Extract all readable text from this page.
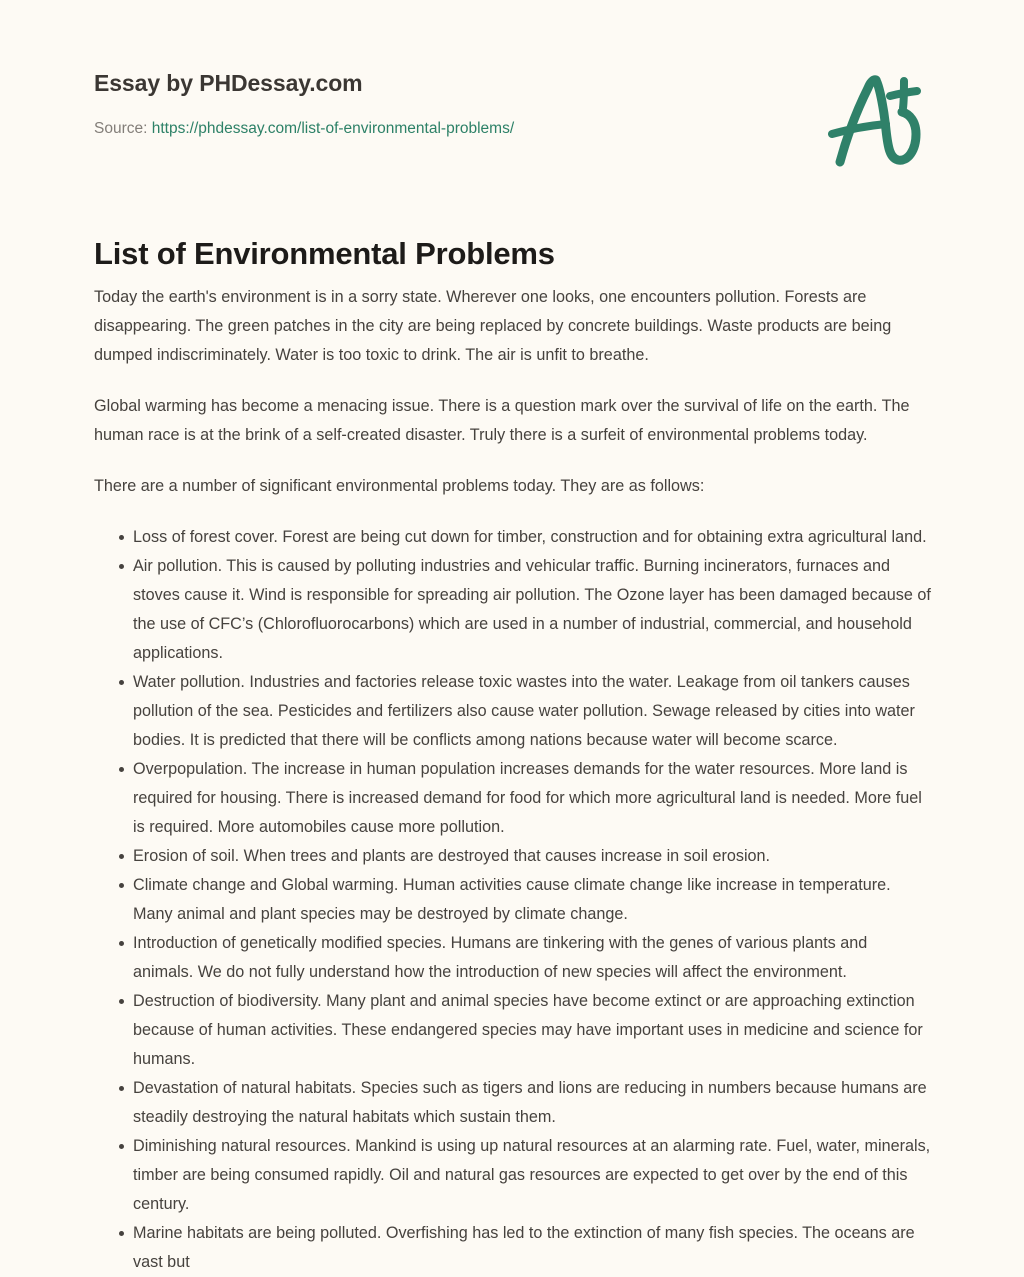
Essay by PHDessay.com
Source: https://phdessay.com/list-of-environmental-problems/
List of Environmental Problems

Today the earth's environment is in a sorry state. Wherever one looks, one encounters pollution. Forests are disappearing. The green patches in the city are being replaced by concrete buildings. Waste products are being dumped indiscriminately. Water is too toxic to drink. The air is unfit to breathe.

Global warming has become a menacing issue. There is a question mark over the survival of life on the earth. The human race is at the brink of a self-created disaster. Truly there is a surfeit of environmental problems today.

There are a number of significant environmental problems today. They are as follows:

Loss of forest cover. Forest are being cut down for timber, construction and for obtaining extra agricultural land.
Air pollution. This is caused by polluting industries and vehicular traffic. Burning incinerators, furnaces and stoves cause it. Wind is responsible for spreading air pollution. The Ozone layer has been damaged because of the use of CFC’s (Chlorofluorocarbons) which are used in a number of industrial, commercial, and household applications.
Water pollution. Industries and factories release toxic wastes into the water. Leakage from oil tankers causes pollution of the sea. Pesticides and fertilizers also cause water pollution. Sewage released by cities into water bodies. It is predicted that there will be conflicts among nations because water will become scarce.
Overpopulation. The increase in human population increases demands for the water resources. More land is required for housing. There is increased demand for food for which more agricultural land is needed. More fuel is required. More automobiles cause more pollution.
Erosion of soil. When trees and plants are destroyed that causes increase in soil erosion.
Climate change and Global warming. Human activities cause climate change like increase in temperature. Many animal and plant species may be destroyed by climate change.
Introduction of genetically modified species. Humans are tinkering with the genes of various plants and animals. We do not fully understand how the introduction of new species will affect the environment.
Destruction of biodiversity. Many plant and animal species have become extinct or are approaching extinction because of human activities. These endangered species may have important uses in medicine and science for humans.
Devastation of natural habitats. Species such as tigers and lions are reducing in numbers because humans are steadily destroying the natural habitats which sustain them.
Diminishing natural resources. Mankind is using up natural resources at an alarming rate. Fuel, water, minerals, timber are being consumed rapidly. Oil and natural gas resources are expected to get over by the end of this century.
Marine habitats are being polluted. Overfishing has led to the extinction of many fish species. The oceans are vast but
